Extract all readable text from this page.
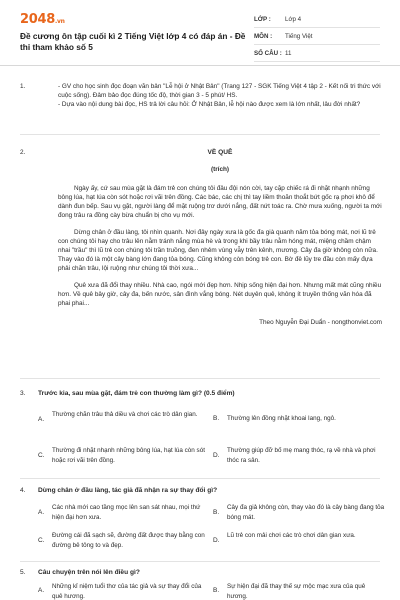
2048.vn
Đề cương ôn tập cuối kì 2 Tiếng Việt lớp 4 có đáp án - Đề thi tham khảo số 5
LỚP :	Lớp 4
MÔN :	Tiếng Việt
SỐ CÂU : 11
1.	- GV cho học sinh đọc đoạn văn bản "Lễ hội ở Nhật Bản" (Trang 127 - SGK Tiếng Việt 4 tập 2 - Kết nối tri thức với cuộc sống). Đảm bảo đọc đúng tốc độ, thời gian 3 - 5 phút/ HS.
- Dựa vào nội dung bài đọc, HS trả lời câu hỏi: Ở Nhật Bản, lễ hội nào được xem là lớn nhất, lâu đời nhất?
2.	VỀ QUÊ
(trích)
Ngày ấy, cứ sau mùa gặt là đám trẻ con chúng tôi đâu đội nón cời, tay cặp chiếc rá đi nhặt nhạnh những bông lúa, hạt lúa còn sót hoặc rơi vãi trên đồng. Các bác, các chị thì tay liềm thoăn thoắt bứt gốc rạ phơi khô để dành đun bếp. Sau vụ gặt, người làng để mặt ruộng trơ dưới nắng, đất nứt toác ra. Chờ mưa xuống, người ta mới đong trâu ra đồng cày bừa chuẩn bị cho vụ mới.
Dừng chân ở đầu làng, tôi nhìn quanh. Nơi đây ngày xưa là gốc đa già quanh năm tỏa bóng mát, nơi lũ trẻ con chúng tôi hay cho trâu lên nằm tránh nắng mùa hè và trong khi bầy trâu nằm hóng mát, miệng chầm chậm nhai "trầu" thì lũ trẻ con chúng tôi trần truồng, đen nhẻm vùng vẫy trên kênh, mương. Cây đa giờ không còn nữa. Thay vào đó là một cây bàng lớn đang tỏa bóng. Cũng không còn bóng trẻ con. Bờ đê lũy tre đầu còn mấy đựa phải chăn trâu, lội ruộng như chúng tôi thời xưa...
Quê xưa đã đổi thay nhiều. Nhà cao, ngói mới đẹp hơn. Nhịp sống hiện đại hơn. Nhưng mất mát cũng nhiều hơn. Về quê bây giờ, cây đa, bến nước, sân đình vắng bóng. Nét duyên quê, không ít truyền thống văn hóa đã phai phai...
Theo Nguyễn Đại Duẩn - nongthonviet.com
3. Trước kia, sau mùa gặt, đám trẻ con thường làm gì? (0.5 điểm)
A.
Thường chăn trâu thả diều và chơi các trò dân gian.
B. Thường lên đồng nhặt khoai lang, ngô.
C.
Thường đi nhặt nhạnh những bông lúa, hạt lúa còn sót hoặc rơi vãi trên đồng.
D.
Thường giúp đỡ bố mẹ mang thóc, rạ về nhà và phơi thóc ra sân.
4. Dừng chân ở đầu làng, tác giả đã nhận ra sự thay đổi gì?
A.
Các nhà mới cao tầng mọc lên san sát nhau, mọi thứ hiện đại hơn xưa.
B.
Cây đa giả không còn, thay vào đó là cây bàng đang tỏa bóng mát.
C.
Đường cái đã sạch sẽ, đường đất được thay bằng con đường bê tông to và đẹp.
D.
Lũ trẻ con mải chơi các trò chơi dân gian xưa.
5. Câu chuyện trên nói lên điều gì?
A.
Những kỉ niệm tuổi thơ của tác giả và sự thay đổi của quê hương.
B.
Sự hiện đại đã thay thế sự mộc mạc xưa của quê hương.
